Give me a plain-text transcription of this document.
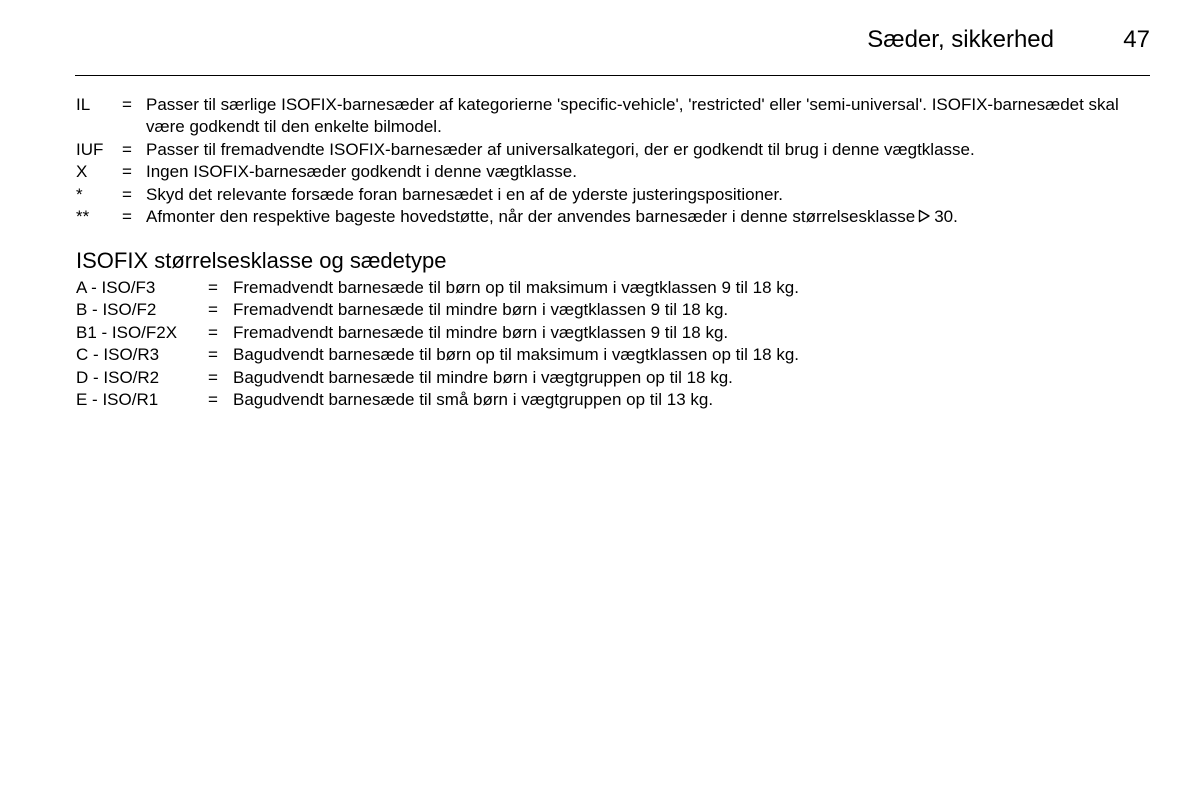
Sæder, sikkerhed	47
IL	= Passer til særlige ISOFIX-barnesæder af kategorierne 'specific-vehicle', 'restricted' eller 'semi-universal'. ISOFIX-barnesædet skal være godkendt til den enkelte bilmodel.
IUF	= Passer til fremadvendte ISOFIX-barnesæder af universalkategori, der er godkendt til brug i denne vægtklasse.
X	= Ingen ISOFIX-barnesæder godkendt i denne vægtklasse.
*	= Skyd det relevante forsæde foran barnesædet i en af de yderste justeringspositioner.
**	= Afmonter den respektive bageste hovedstøtte, når der anvendes barnesæder i denne størrelsesklasse 30.
ISOFIX størrelsesklasse og sædetype
A - ISO/F3	= Fremadvendt barnesæde til børn op til maksimum i vægtklassen 9 til 18 kg.
B - ISO/F2	= Fremadvendt barnesæde til mindre børn i vægtklassen 9 til 18 kg.
B1 - ISO/F2X	= Fremadvendt barnesæde til mindre børn i vægtklassen 9 til 18 kg.
C - ISO/R3	= Bagudvendt barnesæde til børn op til maksimum i vægtklassen op til 18 kg.
D - ISO/R2	= Bagudvendt barnesæde til mindre børn i vægtgruppen op til 18 kg.
E - ISO/R1	= Bagudvendt barnesæde til små børn i vægtgruppen op til 13 kg.
